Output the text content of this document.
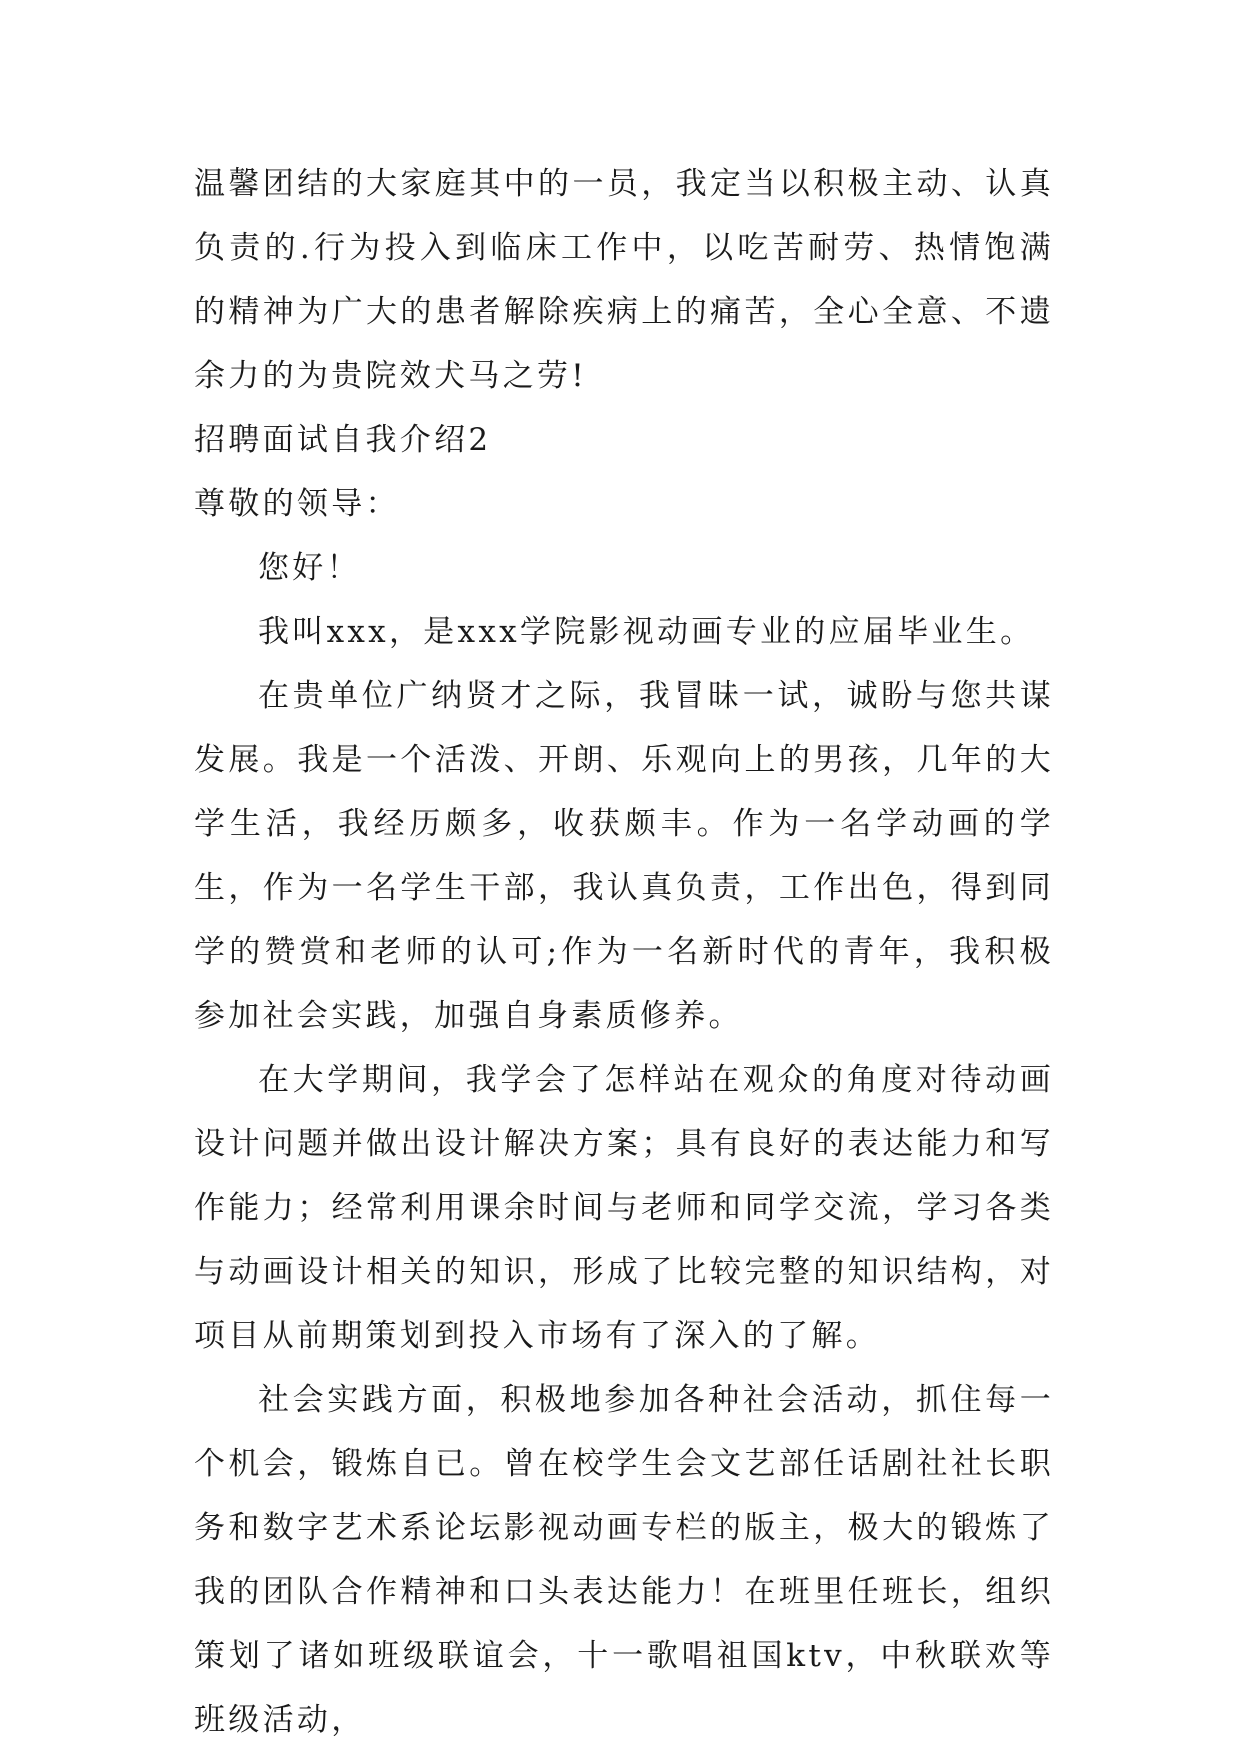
温馨团结的大家庭其中的一员，我定当以积极主动、认真负责的.行为投入到临床工作中，以吃苦耐劳、热情饱满的精神为广大的患者解除疾病上的痛苦，全心全意、不遗余力的为贵院效犬马之劳!

招聘面试自我介绍2

尊敬的领导：

您好！

我叫xxx，是xxx学院影视动画专业的应届毕业生。

在贵单位广纳贤才之际，我冒昧一试，诚盼与您共谋发展。我是一个活泼、开朗、乐观向上的男孩，几年的大学生活，我经历颇多，收获颇丰。作为一名学动画的学生，作为一名学生干部，我认真负责，工作出色，得到同学的赞赏和老师的认可;作为一名新时代的青年，我积极参加社会实践，加强自身素质修养。

在大学期间，我学会了怎样站在观众的角度对待动画设计问题并做出设计解决方案；具有良好的表达能力和写作能力；经常利用课余时间与老师和同学交流，学习各类与动画设计相关的知识，形成了比较完整的知识结构，对项目从前期策划到投入市场有了深入的了解。

社会实践方面，积极地参加各种社会活动，抓住每一个机会，锻炼自已。曾在校学生会文艺部任话剧社社长职务和数字艺术系论坛影视动画专栏的版主，极大的锻炼了我的团队合作精神和口头表达能力！在班里任班长，组织策划了诸如班级联谊会，十一歌唱祖国ktv，中秋联欢等班级活动，
